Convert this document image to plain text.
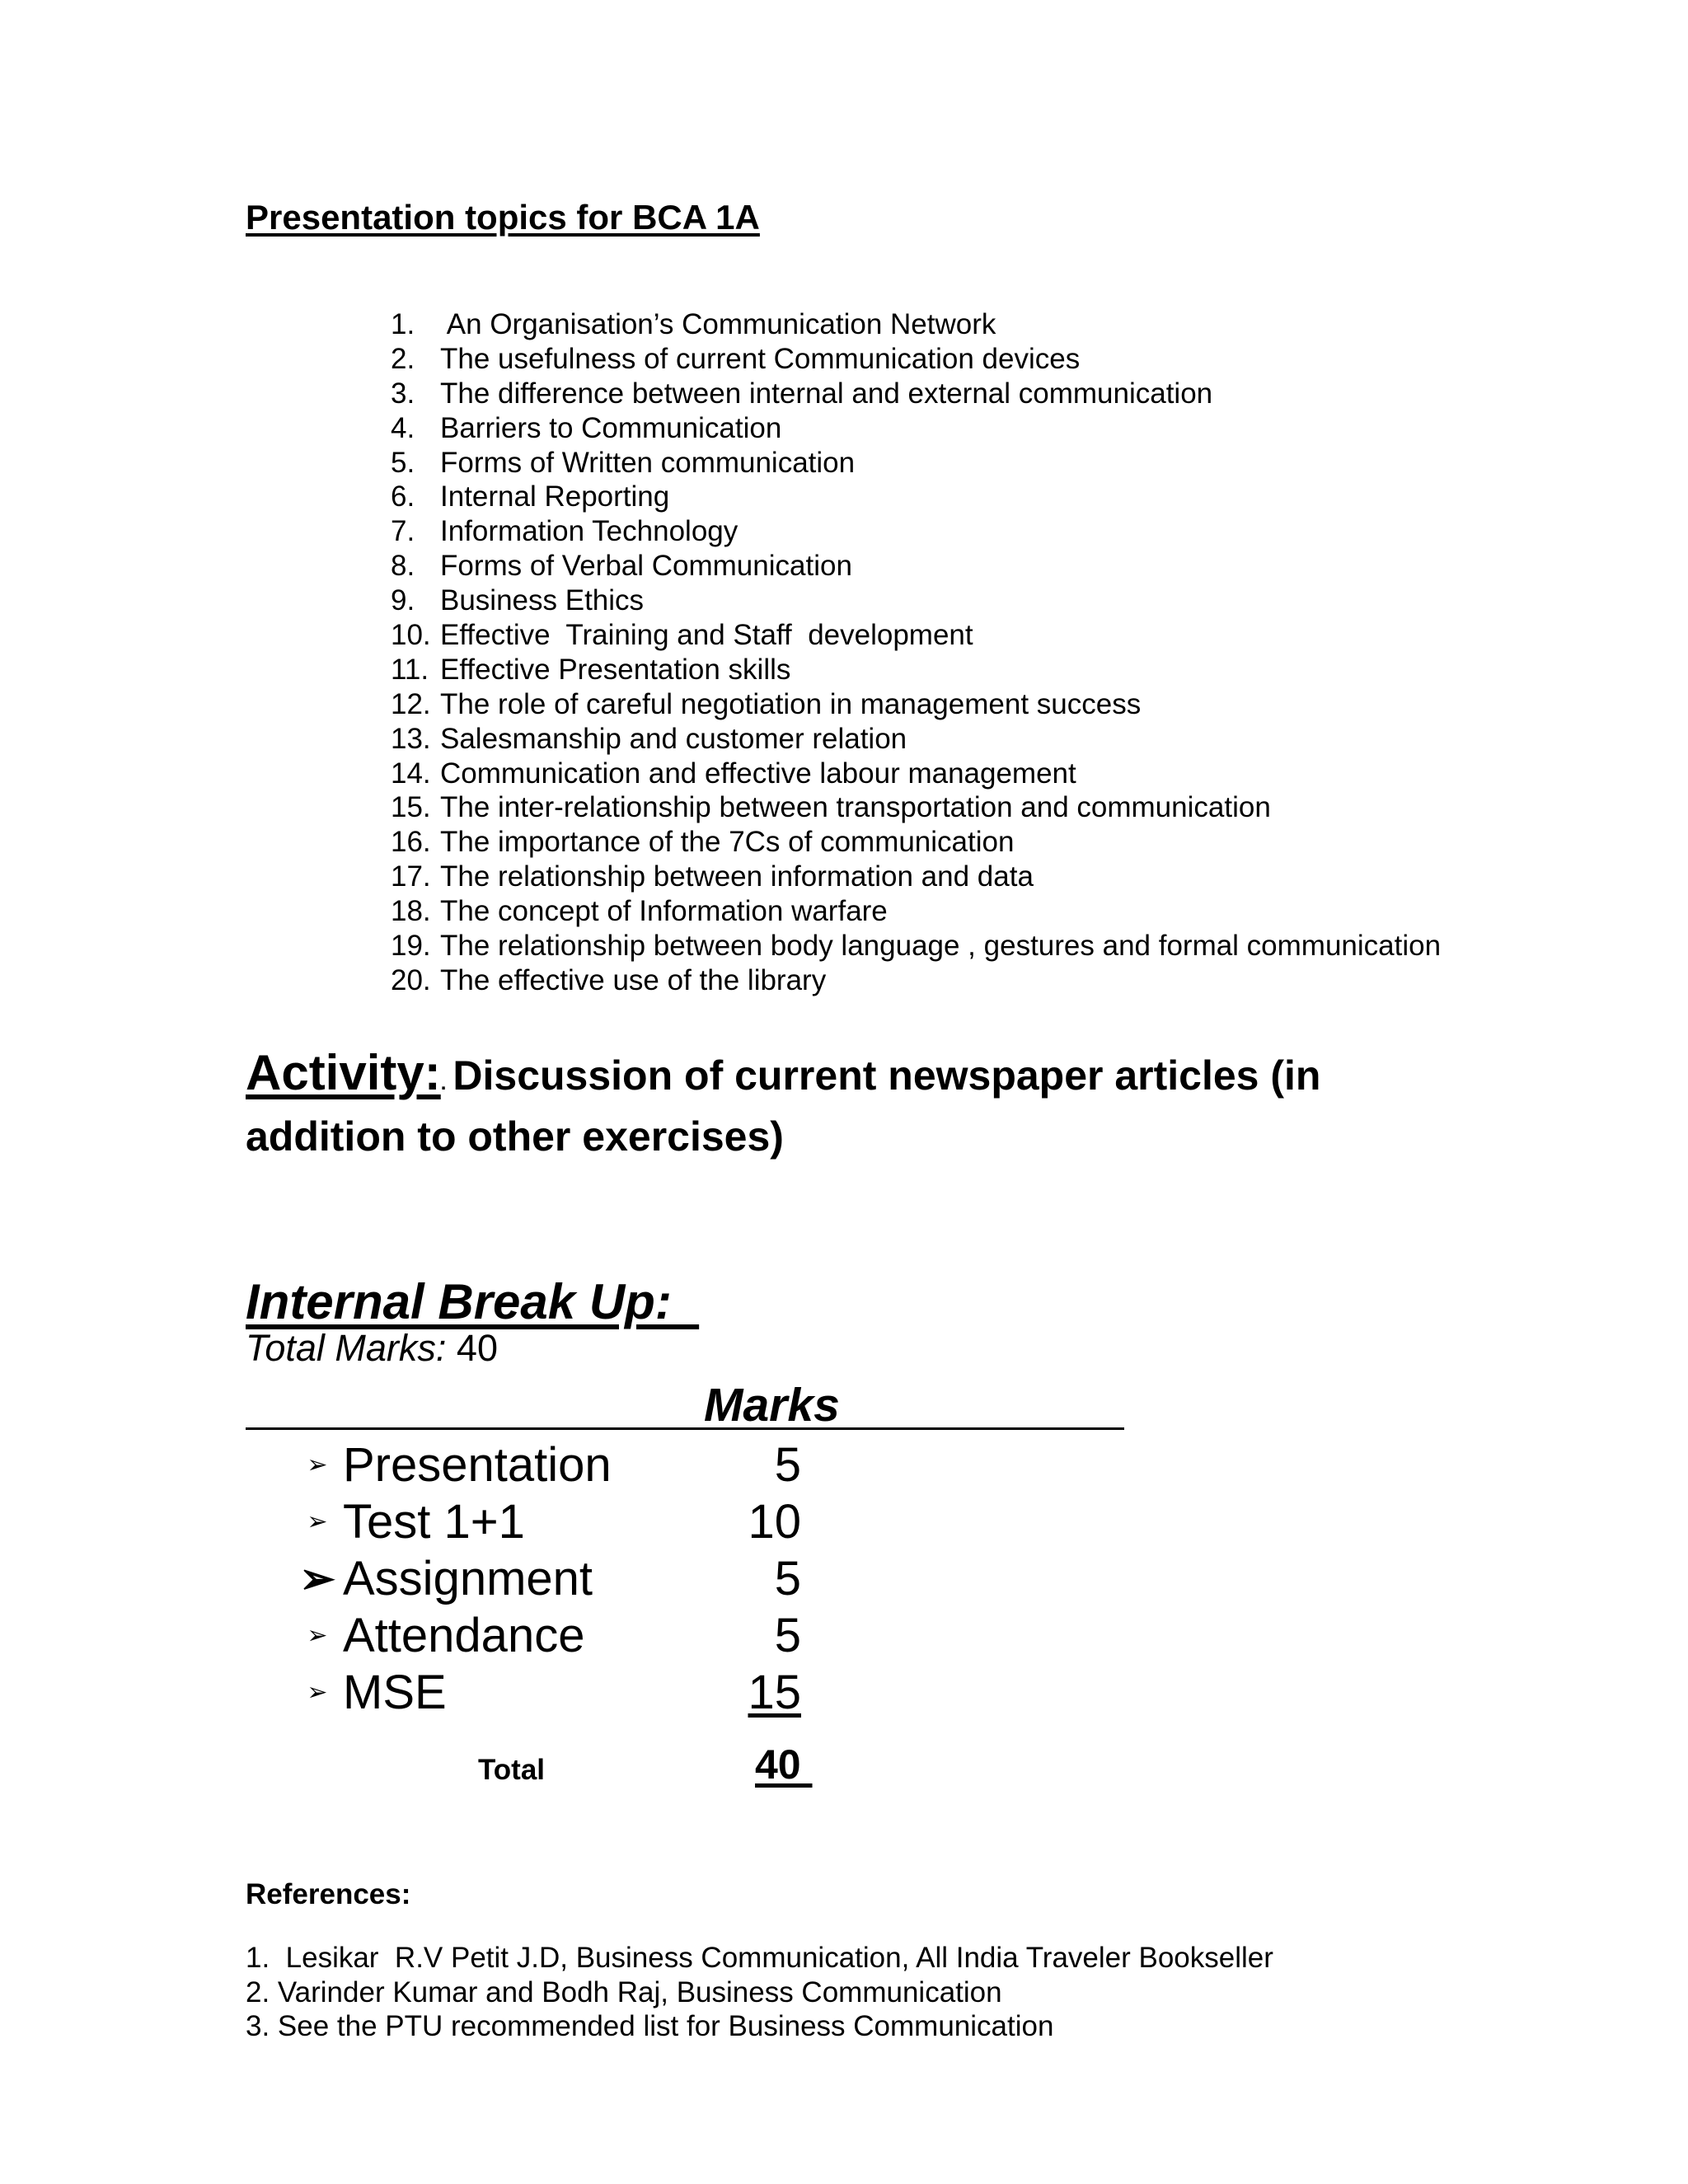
Presentation topics for BCA 1A
1. An Organisation’s Communication Network
2. The usefulness of current Communication devices
3. The difference between internal and external communication
4. Barriers to Communication
5. Forms of Written communication
6. Internal Reporting
7. Information Technology
8. Forms of Verbal Communication
9. Business Ethics
10. Effective  Training and Staff  development
11. Effective Presentation skills
12. The role of careful negotiation in management success
13. Salesmanship and customer relation
14. Communication and effective labour management
15. The inter-relationship between transportation and communication
16. The importance of the 7Cs of communication
17. The relationship between information and data
18. The concept of Information warfare
19. The relationship between body language , gestures and formal communication
20. The effective use of the library
Activity:. Discussion of current newspaper articles (in addition to other exercises)
Internal Break Up:
Total Marks: 40
Marks
➢ Presentation	5
➢ Test 1+1	10
➢ Assignment	5
➢ Attendance	5
➢ MSE	15
Total	40
References:
1.  Lesikar  R.V Petit J.D, Business Communication, All India Traveler Bookseller
2. Varinder Kumar and Bodh Raj, Business Communication
3. See the PTU recommended list for Business Communication
